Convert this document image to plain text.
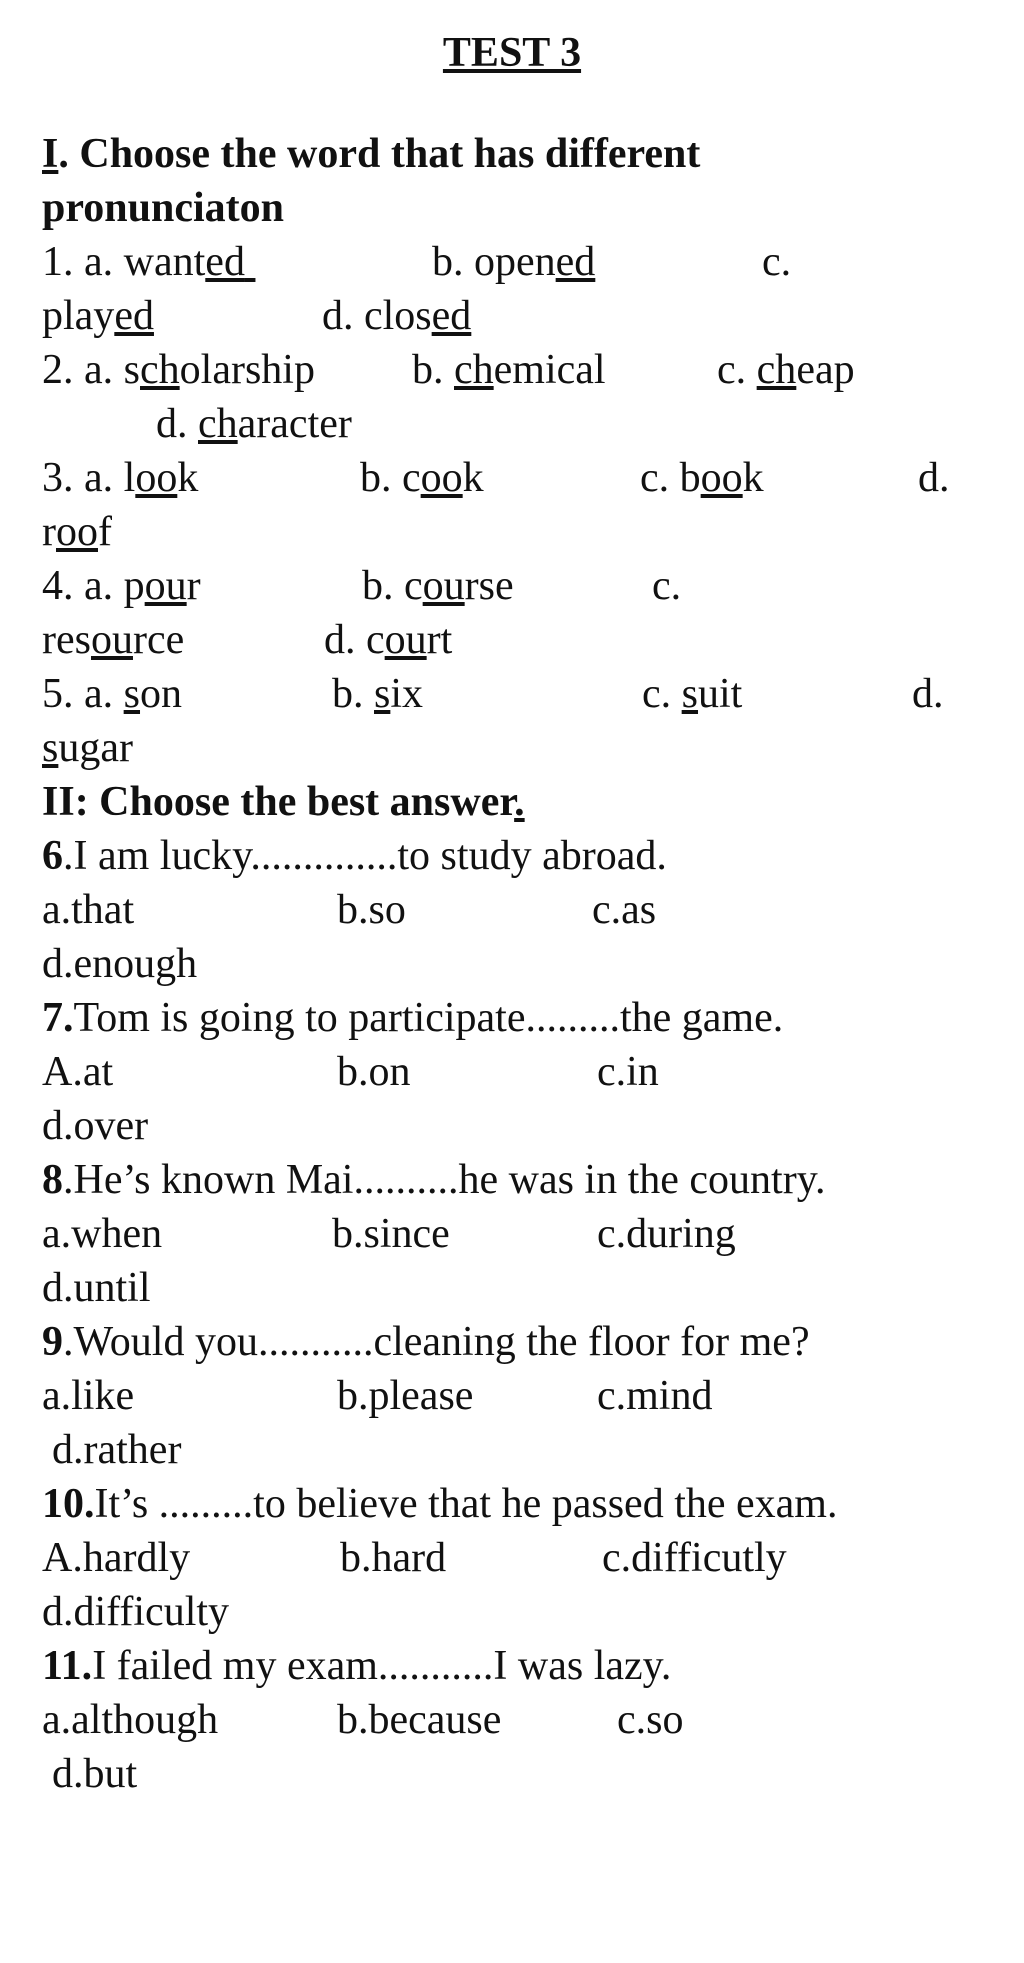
TEST 3
I. Choose the word that has different
pronunciaton

1. a. wanted

	b. opened

	c.

played

	d. closed

2. a. scholarship

b. chemical

	c. cheap

d. character

3. a. look

	b. cook

	c. book

	d.

roof

4. a. pour

	b. course

	c.

resource

	d. court

5. a. son

	b. six

	c. suit

	d.

sugar

II: Choose the best answer.
6.I am lucky..............to study abroad.

a.that

	b.so

	c.as

d.enough

7.Tom is going to participate.........the game.

A.at

	b.on

	c.in

d.over

8.He’s known Mai..........he was in the country.

a.when

	b.since

	c.during

d.until

9.Would you...........cleaning the floor for me?

a.like

	b.please

	c.mind

d.rather

10.It’s .........to believe that he passed the exam.

A.hardly

	b.hard

	c.difficutly

d.difficulty

11.I failed my exam...........I was lazy.

a.although

	b.because

	c.so

d.but
